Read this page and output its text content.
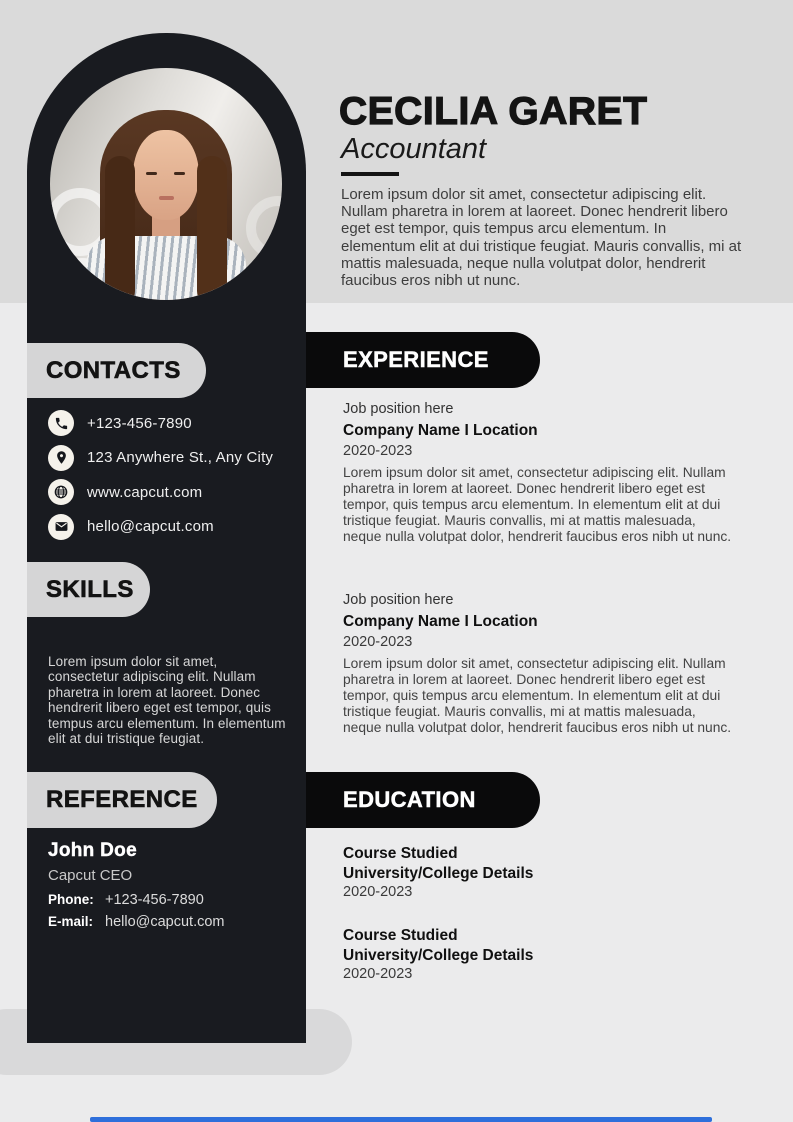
CECILIA GARET
Accountant

Lorem ipsum dolor sit amet, consectetur adipiscing elit. Nullam pharetra in lorem at laoreet. Donec hendrerit libero eget est tempor, quis tempus arcu elementum. In elementum elit at dui tristique feugiat. Mauris convallis, mi at mattis malesuada, neque nulla volutpat dolor, hendrerit faucibus eros nibh ut nunc.

CONTACTS
+123-456-7890
123 Anywhere St., Any City
www.capcut.com
hello@capcut.com
SKILLS

Lorem ipsum dolor sit amet, consectetur adipiscing elit. Nullam pharetra in lorem at laoreet. Donec hendrerit libero eget est tempor, quis tempus arcu elementum. In elementum elit at dui tristique feugiat.

REFERENCE
John Doe
Capcut CEO
Phone: +123-456-7890
E-mail: hello@capcut.com
EXPERIENCE

Job position here

Company Name I Location

2020-2023

Lorem ipsum dolor sit amet, consectetur adipiscing elit. Nullam pharetra in lorem at laoreet. Donec hendrerit libero eget est tempor, quis tempus arcu elementum. In elementum elit at dui tristique feugiat. Mauris convallis, mi at mattis malesuada, neque nulla volutpat dolor, hendrerit faucibus eros nibh ut nunc.

Job position here

Company Name I Location

2020-2023

Lorem ipsum dolor sit amet, consectetur adipiscing elit. Nullam pharetra in lorem at laoreet. Donec hendrerit libero eget est tempor, quis tempus arcu elementum. In elementum elit at dui tristique feugiat. Mauris convallis, mi at mattis malesuada, neque nulla volutpat dolor, hendrerit faucibus eros nibh ut nunc.

EDUCATION

Course Studied

University/College Details

2020-2023

Course Studied

University/College Details

2020-2023
